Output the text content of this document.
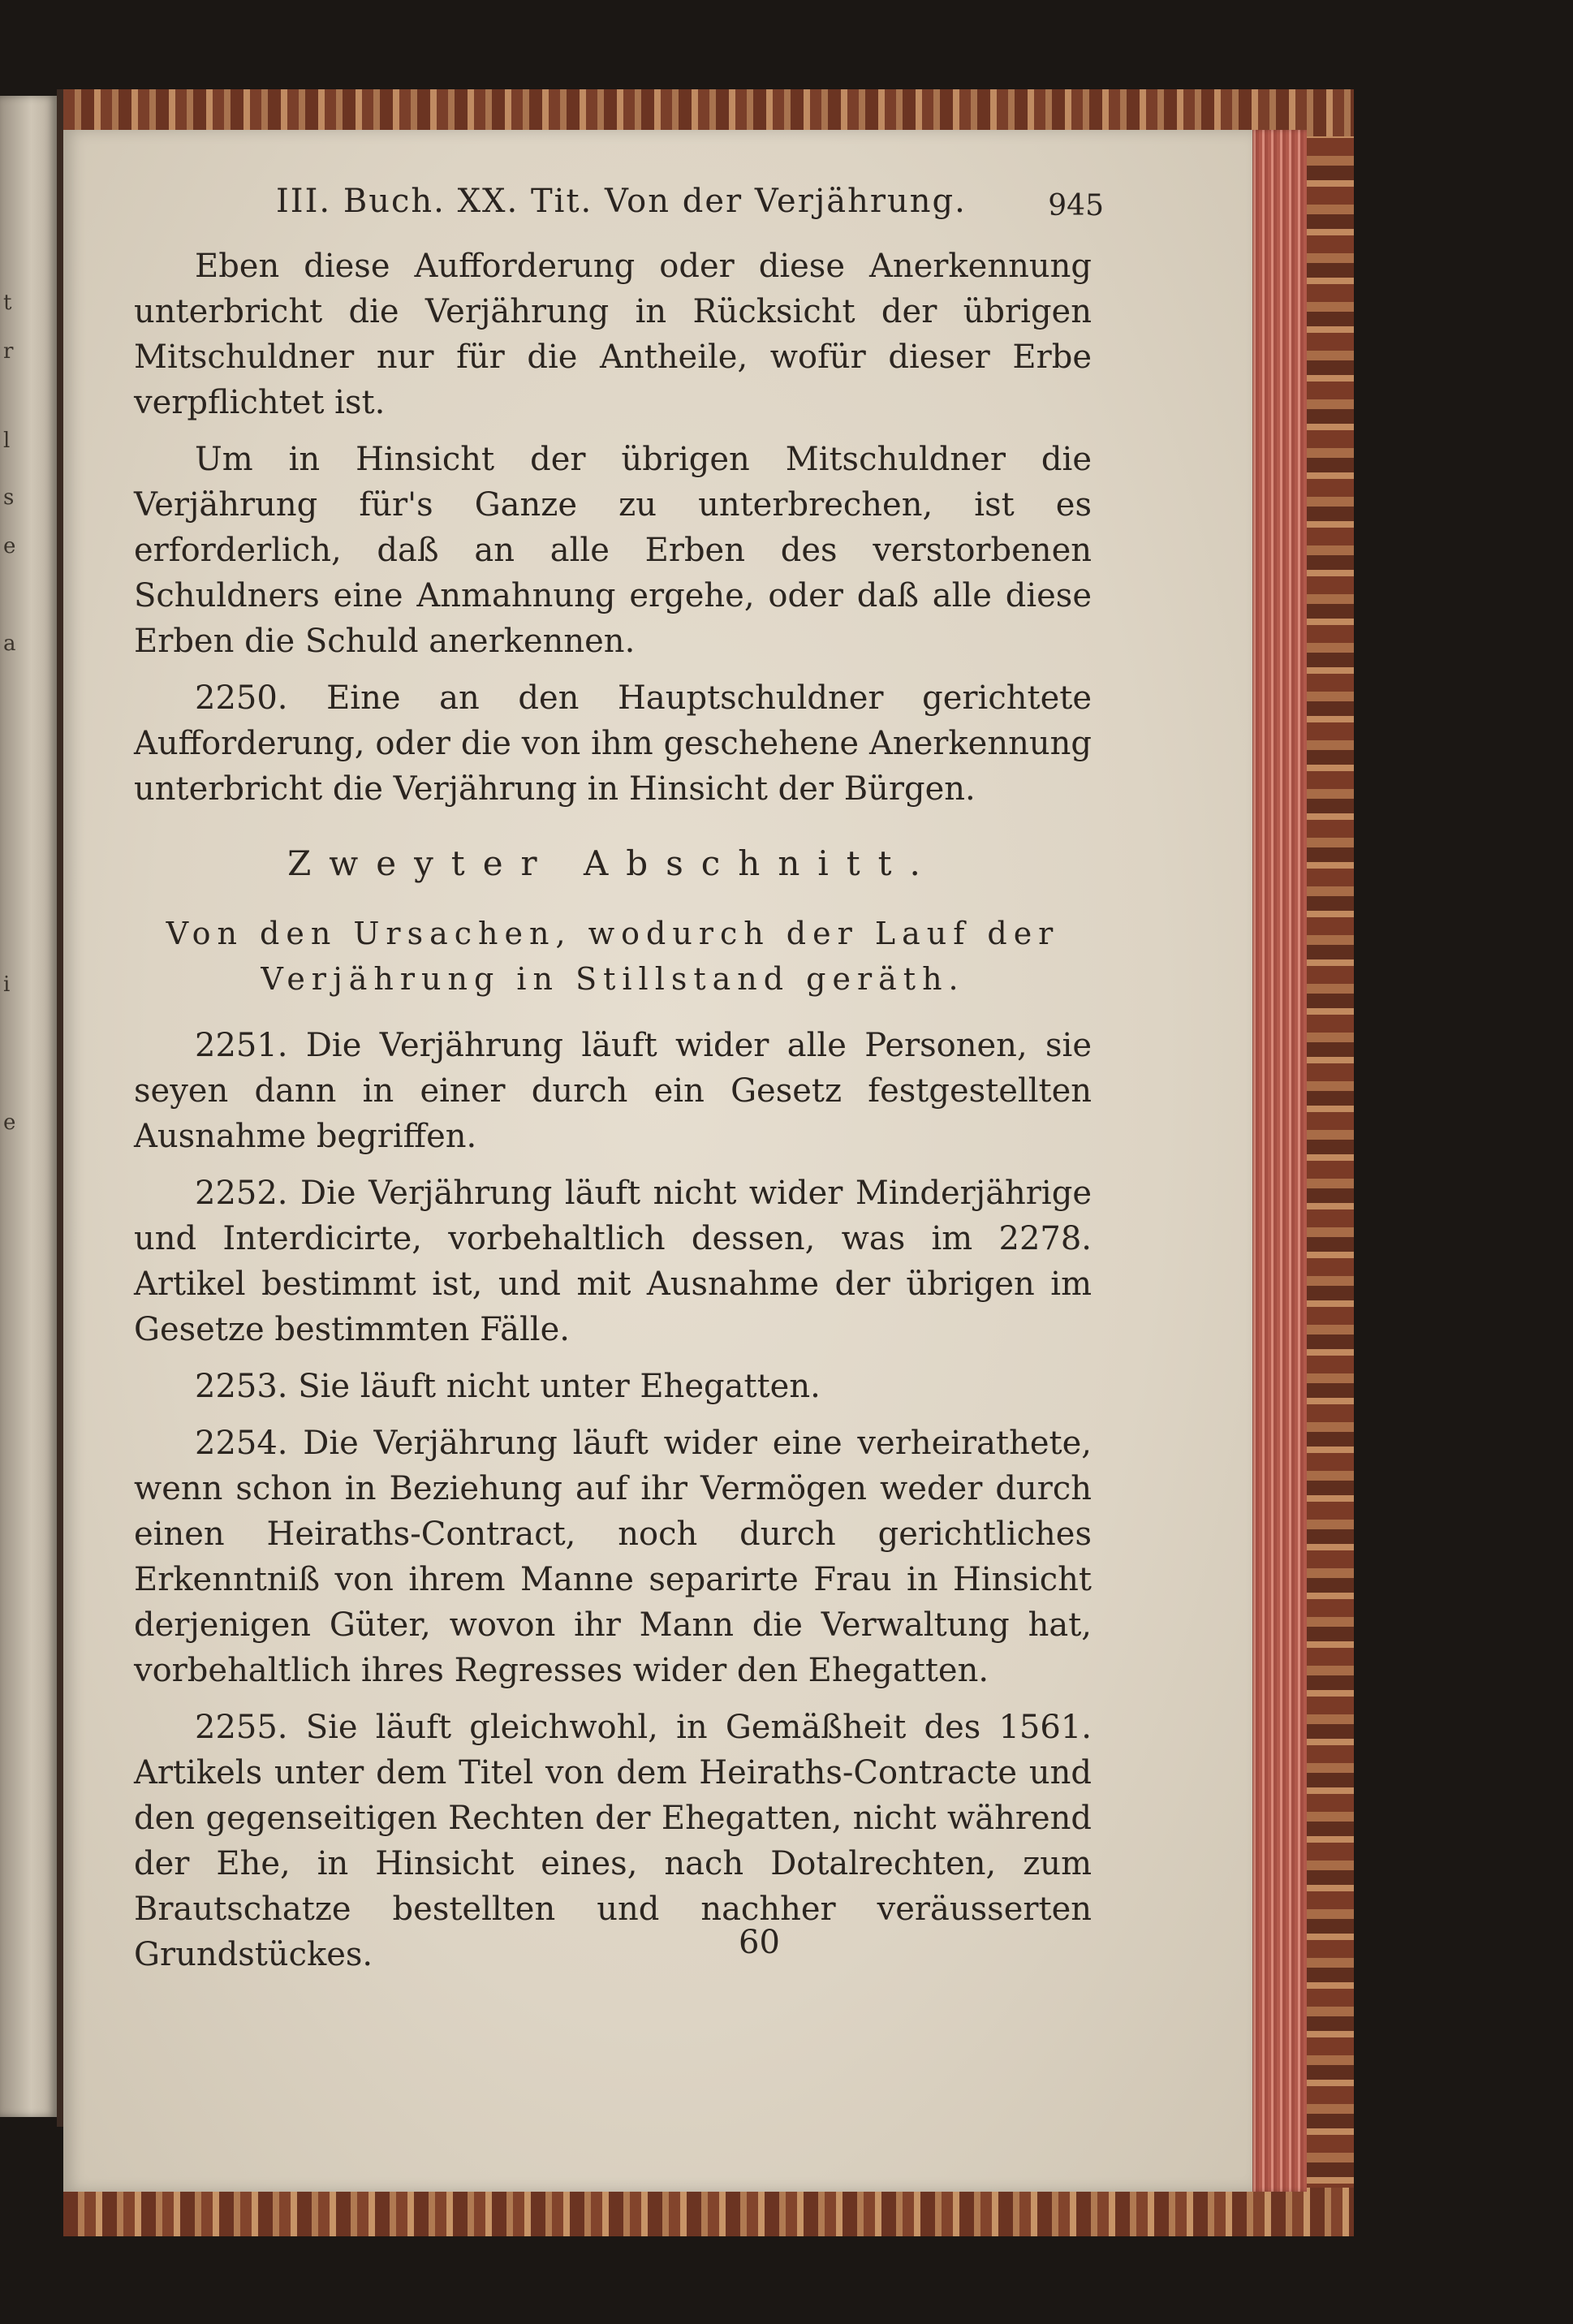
t
r
l
s
e
a
i
e
III. Buch. XX. Tit. Von der Verjährung.	945

Eben diese Aufforderung oder diese Anerkennung unterbricht die Verjährung in Rücksicht der übrigen Mitschuldner nur für die Antheile, wofür dieser Erbe verpflichtet ist.

Um in Hinsicht der übrigen Mitschuldner die Verjährung für's Ganze zu unterbrechen, ist es erforderlich, daß an alle Erben des verstorbenen Schuldners eine Anmahnung ergehe, oder daß alle diese Erben die Schuld anerkennen.

2250. Eine an den Hauptschuldner gerichtete Aufforderung, oder die von ihm geschehene Anerkennung unterbricht die Verjährung in Hinsicht der Bürgen.

Zweyter Abschnitt.
Von den Ursachen, wodurch der Lauf der Verjährung in Stillstand geräth.

2251. Die Verjährung läuft wider alle Personen, sie seyen dann in einer durch ein Gesetz festgestellten Ausnahme begriffen.

2252. Die Verjährung läuft nicht wider Minderjährige und Interdicirte, vorbehaltlich dessen, was im 2278. Artikel bestimmt ist, und mit Ausnahme der übrigen im Gesetze bestimmten Fälle.

2253. Sie läuft nicht unter Ehegatten.

2254. Die Verjährung läuft wider eine verheirathete, wenn schon in Beziehung auf ihr Vermögen weder durch einen Heiraths-Contract, noch durch gerichtliches Erkenntniß von ihrem Manne separirte Frau in Hinsicht derjenigen Güter, wovon ihr Mann die Verwaltung hat, vorbehaltlich ihres Regresses wider den Ehegatten.

2255. Sie läuft gleichwohl, in Gemäßheit des 1561. Artikels unter dem Titel von dem Heiraths-Contracte und den gegenseitigen Rechten der Ehegatten, nicht während der Ehe, in Hinsicht eines, nach Dotalrechten, zum Brautschatze bestellten und nachher veräusserten Grundstückes.	60
